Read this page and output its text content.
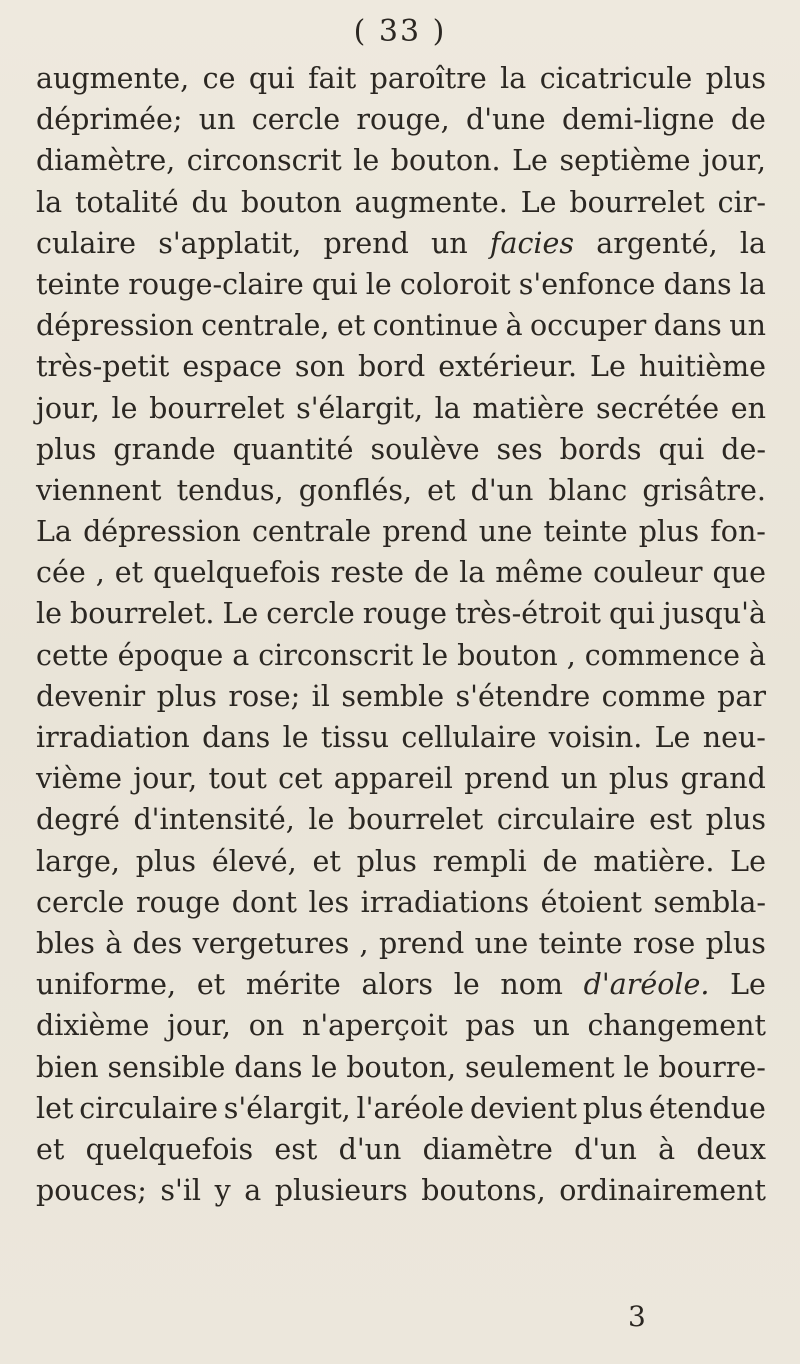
( 33 )
augmente, ce qui fait paroître la cicatricule plus
déprimée; un cercle rouge, d'une demi-ligne de
diamètre, circonscrit le bouton. Le septième jour,
la totalité du bouton augmente. Le bourrelet cir-
culaire s'applatit, prend un facies argenté, la
teinte rouge-claire qui le coloroit s'enfonce dans la
dépression centrale, et continue à occuper dans un
très-petit espace son bord extérieur. Le huitième
jour, le bourrelet s'élargit, la matière secrétée en
plus grande quantité soulève ses bords qui de-
viennent tendus, gonflés, et d'un blanc grisâtre.
La dépression centrale prend une teinte plus fon-
cée , et quelquefois reste de la même couleur que
le bourrelet. Le cercle rouge très-étroit qui jusqu'à
cette époque a circonscrit le bouton , commence à
devenir plus rose; il semble s'étendre comme par
irradiation dans le tissu cellulaire voisin. Le neu-
vième jour, tout cet appareil prend un plus grand
degré d'intensité, le bourrelet circulaire est plus
large, plus élevé, et plus rempli de matière. Le
cercle rouge dont les irradiations étoient sembla-
bles à des vergetures , prend une teinte rose plus
uniforme, et mérite alors le nom d'aréole. Le
dixième jour, on n'aperçoit pas un changement
bien sensible dans le bouton, seulement le bourre-
let circulaire s'élargit, l'aréole devient plus étendue
et quelquefois est d'un diamètre d'un à deux
pouces; s'il y a plusieurs boutons, ordinairement
3
